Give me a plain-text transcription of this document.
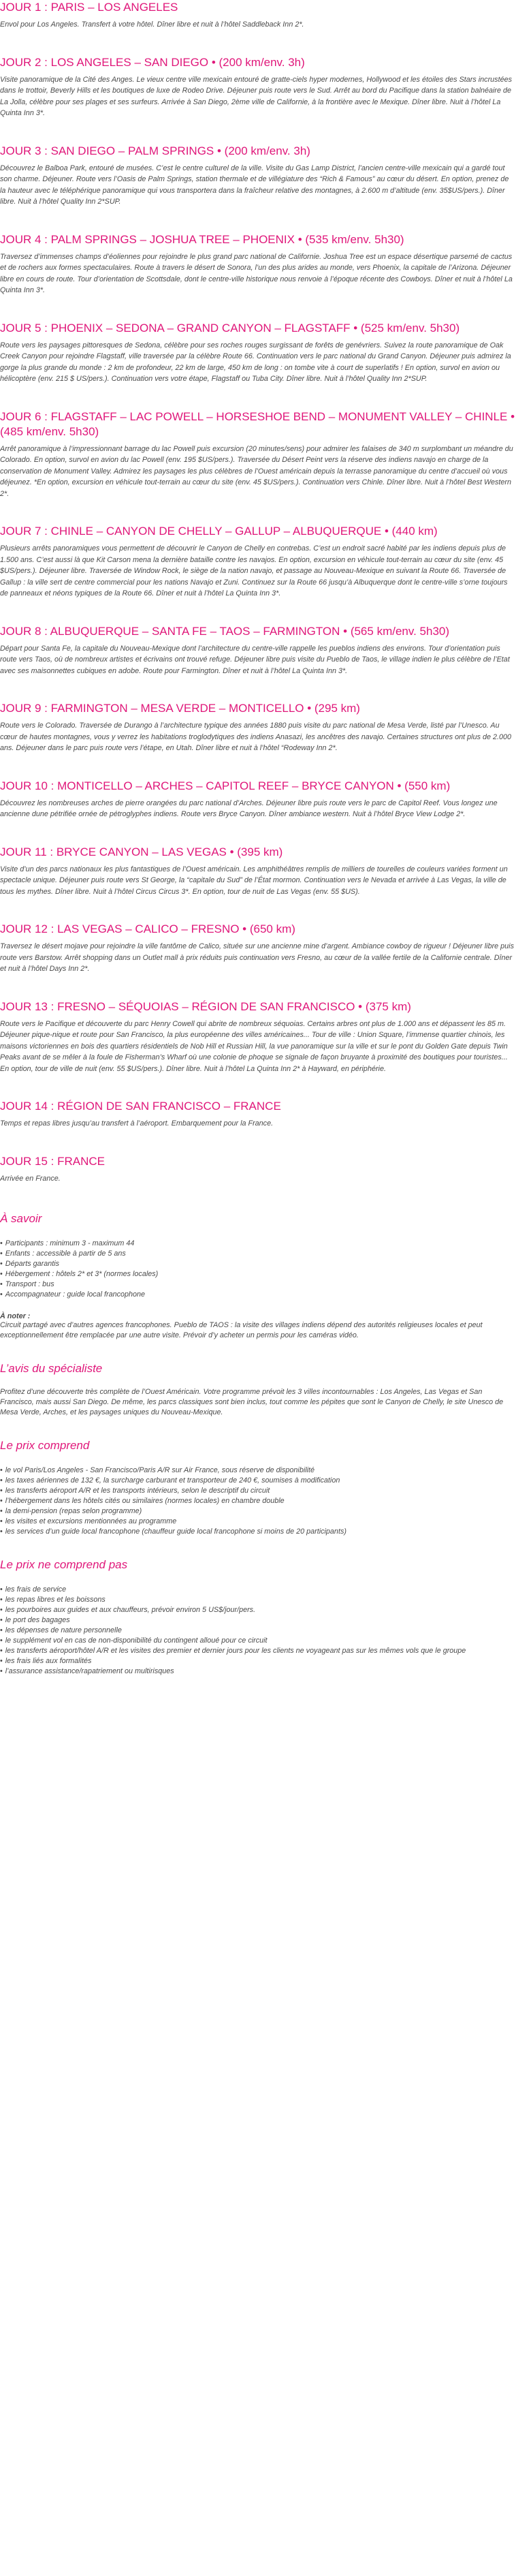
JOUR 1 : PARIS – LOS ANGELES

Envol pour Los Angeles. Transfert à votre hôtel. Dîner libre et nuit à l’hôtel Saddleback Inn 2*.

JOUR 2 : LOS ANGELES – SAN DIEGO • (200 km/env. 3h)

Visite panoramique de la Cité des Anges. Le vieux centre ville mexicain entouré de gratte-ciels hyper modernes, Hollywood et les étoiles des Stars incrustées dans le trottoir, Beverly Hills et les boutiques de luxe de Rodeo Drive. Déjeuner puis route vers le Sud. Arrêt au bord du Pacifique dans la station balnéaire de La Jolla, célèbre pour ses plages et ses surfeurs. Arrivée à San Diego, 2ème ville de Californie, à la frontière avec le Mexique. Dîner libre. Nuit à l’hôtel La Quinta Inn 3*.

JOUR 3 : SAN DIEGO – PALM SPRINGS • (200 km/env. 3h)

Découvrez le Balboa Park, entouré de musées. C’est le centre culturel de la ville. Visite du Gas Lamp District, l’ancien centre-ville mexicain qui a gardé tout son charme. Déjeuner. Route vers l’Oasis de Palm Springs, station thermale et de villégiature des “Rich & Famous” au cœur du désert. En option, prenez de la hauteur avec le téléphérique panoramique qui vous transportera dans la fraîcheur relative des montagnes, à 2.600 m d’altitude (env. 35$US/pers.). Dîner libre. Nuit à l’hôtel Quality Inn 2*SUP.

JOUR 4 : PALM SPRINGS – JOSHUA TREE – PHOENIX • (535 km/env. 5h30)

Traversez d’immenses champs d’éoliennes pour rejoindre le plus grand parc national de Californie. Joshua Tree est un espace désertique parsemé de cactus et de rochers aux formes spectaculaires. Route à travers le désert de Sonora, l’un des plus arides au monde, vers Phoenix, la capitale de l’Arizona. Déjeuner libre en cours de route. Tour d’orientation de Scottsdale, dont le centre-ville historique nous renvoie à l’époque récente des Cowboys. Dîner et nuit à l’hôtel La Quinta Inn 3*.

JOUR 5 : PHOENIX – SEDONA – GRAND CANYON – FLAGSTAFF • (525 km/env. 5h30)

Route vers les paysages pittoresques de Sedona, célèbre pour ses roches rouges surgissant de forêts de genévriers. Suivez la route panoramique de Oak Creek Canyon pour rejoindre Flagstaff, ville traversée par la célèbre Route 66. Continuation vers le parc national du Grand Canyon. Déjeuner puis admirez la gorge la plus grande du monde : 2 km de profondeur, 22 km de large, 450 km de long : on tombe vite à court de superlatifs ! En option, survol en avion ou hélicoptère (env. 215 $ US/pers.). Continuation vers votre étape, Flagstaff ou Tuba City. Dîner libre. Nuit à l’hôtel Quality Inn 2*SUP.

JOUR 6 : FLAGSTAFF – LAC POWELL – HORSESHOE BEND – MONUMENT VALLEY – CHINLE • (485 km/env. 5h30)

Arrêt panoramique à l’impressionnant barrage du lac Powell puis excursion (20 minutes/sens) pour admirer les falaises de 340 m surplombant un méandre du Colorado. En option, survol en avion du lac Powell (env. 195 $US/pers.). Traversée du Désert Peint vers la réserve des indiens navajo en charge de la conservation de Monument Valley. Admirez les paysages les plus célèbres de l’Ouest américain depuis la terrasse panoramique du centre d’accueil où vous déjeunez. *En option, excursion en véhicule tout-terrain au cœur du site (env. 45 $US/pers.). Continuation vers Chinle. Dîner libre. Nuit à l’hôtel Best Western 2*.

JOUR 7 : CHINLE – CANYON DE CHELLY – GALLUP – ALBUQUERQUE • (440 km)

Plusieurs arrêts panoramiques vous permettent de découvrir le Canyon de Chelly en contrebas. C’est un endroit sacré habité par les indiens depuis plus de 1.500 ans. C’est aussi là que Kit Carson mena la dernière bataille contre les navajos. En option, excursion en véhicule tout-terrain au cœur du site (env. 45 $US/pers.). Déjeuner libre. Traversée de Window Rock, le siège de la nation navajo, et passage au Nouveau-Mexique en suivant la Route 66. Traversée de Gallup : la ville sert de centre commercial pour les nations Navajo et Zuni. Continuez sur la Route 66 jusqu’à Albuquerque dont le centre-ville s’orne toujours de panneaux et néons typiques de la Route 66. Dîner et nuit à l’hôtel La Quinta Inn 3*.

JOUR 8 : ALBUQUERQUE – SANTA FE – TAOS – FARMINGTON • (565 km/env. 5h30)

Départ pour Santa Fe, la capitale du Nouveau-Mexique dont l’architecture du centre-ville rappelle les pueblos indiens des environs. Tour d’orientation puis route vers Taos, où de nombreux artistes et écrivains ont trouvé refuge. Déjeuner libre puis visite du Pueblo de Taos, le village indien le plus célèbre de l’Etat avec ses maisonnettes cubiques en adobe. Route pour Farmington. Dîner et nuit à l’hôtel La Quinta Inn 3*.

JOUR 9 : FARMINGTON – MESA VERDE – MONTICELLO • (295 km)

Route vers le Colorado. Traversée de Durango à l’architecture typique des années 1880 puis visite du parc national de Mesa Verde, listé par l’Unesco. Au cœur de hautes montagnes, vous y verrez les habitations troglodytiques des indiens Anasazi, les ancêtres des navajo. Certaines structures ont plus de 2.000 ans. Déjeuner dans le parc puis route vers l’étape, en Utah. Dîner libre et nuit à l’hôtel “Rodeway Inn 2*.

JOUR 10 : MONTICELLO – ARCHES – CAPITOL REEF – BRYCE CANYON • (550 km)

Découvrez les nombreuses arches de pierre orangées du parc national d’Arches. Déjeuner libre puis route vers le parc de Capitol Reef. Vous longez une ancienne dune pétrifiée ornée de pétroglyphes indiens. Route vers Bryce Canyon. Dîner ambiance western. Nuit à l’hôtel Bryce View Lodge 2*.

JOUR 11 : BRYCE CANYON – LAS VEGAS • (395 km)

Visite d’un des parcs nationaux les plus fantastiques de l’Ouest américain. Les amphithéâtres remplis de milliers de tourelles de couleurs variées forment un spectacle unique. Déjeuner puis route vers St George, la “capitale du Sud” de l’État mormon. Continuation vers le Nevada et arrivée à Las Vegas, la ville de tous les mythes. Dîner libre. Nuit à l’hôtel Circus Circus 3*. En option, tour de nuit de Las Vegas (env. 55 $US).

JOUR 12 : LAS VEGAS – CALICO – FRESNO • (650 km)

Traversez le désert mojave pour rejoindre la ville fantôme de Calico, située sur une ancienne mine d’argent. Ambiance cowboy de rigueur ! Déjeuner libre puis route vers Barstow. Arrêt shopping dans un Outlet mall à prix réduits puis continuation vers Fresno, au cœur de la vallée fertile de la Californie centrale. Dîner et nuit à l’hôtel Days Inn 2*.

JOUR 13 : FRESNO – SÉQUOIAS – RÉGION DE SAN FRANCISCO • (375 km)

Route vers le Pacifique et découverte du parc Henry Cowell qui abrite de nombreux séquoias. Certains arbres ont plus de 1.000 ans et dépassent les 85 m. Déjeuner pique-nique et route pour San Francisco, la plus européenne des villes américaines... Tour de ville : Union Square, l’immense quartier chinois, les maisons victoriennes en bois des quartiers résidentiels de Nob Hill et Russian Hill, la vue panoramique sur la ville et sur le pont du Golden Gate depuis Twin Peaks avant de se mêler à la foule de Fisherman’s Wharf où une colonie de phoque se signale de façon bruyante à proximité des boutiques pour touristes... En option, tour de ville de nuit (env. 55 $US/pers.). Dîner libre. Nuit à l’hôtel La Quinta Inn 2* à Hayward, en périphérie.

JOUR 14 : RÉGION DE SAN FRANCISCO – FRANCE

Temps et repas libres jusqu’au transfert à l’aéroport. Embarquement pour la France.

JOUR 15 : FRANCE

Arrivée en France.

À savoir
• Participants : minimum 3 - maximum 44
• Enfants : accessible à partir de 5 ans
• Départs garantis
• Hébergement : hôtels 2* et 3* (normes locales)
• Transport : bus
• Accompagnateur : guide local francophone

À noter :

Circuit partagé avec d’autres agences francophones. Pueblo de TAOS : la visite des villages indiens dépend des autorités religieuses locales et peut exceptionnellement être remplacée par une autre visite. Prévoir d’y acheter un permis pour les caméras vidéo.

L’avis du spécialiste

Profitez d’une découverte très complète de l’Ouest Américain. Votre programme prévoit les 3 villes incontournables : Los Angeles, Las Vegas et San Francisco, mais aussi San Diego. De même, les parcs classiques sont bien inclus, tout comme les pépites que sont le Canyon de Chelly, le site Unesco de Mesa Verde, Arches, et les paysages uniques du Nouveau-Mexique.

Le prix comprend
• le vol Paris/Los Angeles - San Francisco/Paris A/R sur Air France, sous réserve de disponibilité
• les taxes aériennes de 132 €, la surcharge carburant et transporteur de 240 €, soumises à modification
• les transferts aéroport A/R et les transports intérieurs, selon le descriptif du circuit
• l’hébergement dans les hôtels cités ou similaires (normes locales) en chambre double
• la demi-pension (repas selon programme)
• les visites et excursions mentionnées au programme
• les services d’un guide local francophone (chauffeur guide local francophone si moins de 20 participants)
Le prix ne comprend pas
• les frais de service
• les repas libres et les boissons
• les pourboires aux guides et aux chauffeurs, prévoir environ 5 US$/jour/pers.
• le port des bagages
• les dépenses de nature personnelle
• le supplément vol en cas de non-disponibilité du contingent alloué pour ce circuit
• les transferts aéroport/hôtel A/R et les visites des premier et dernier jours pour les clients ne voyageant pas sur les mêmes vols que le groupe
• les frais liés aux formalités
• l’assurance assistance/rapatriement ou multirisques
